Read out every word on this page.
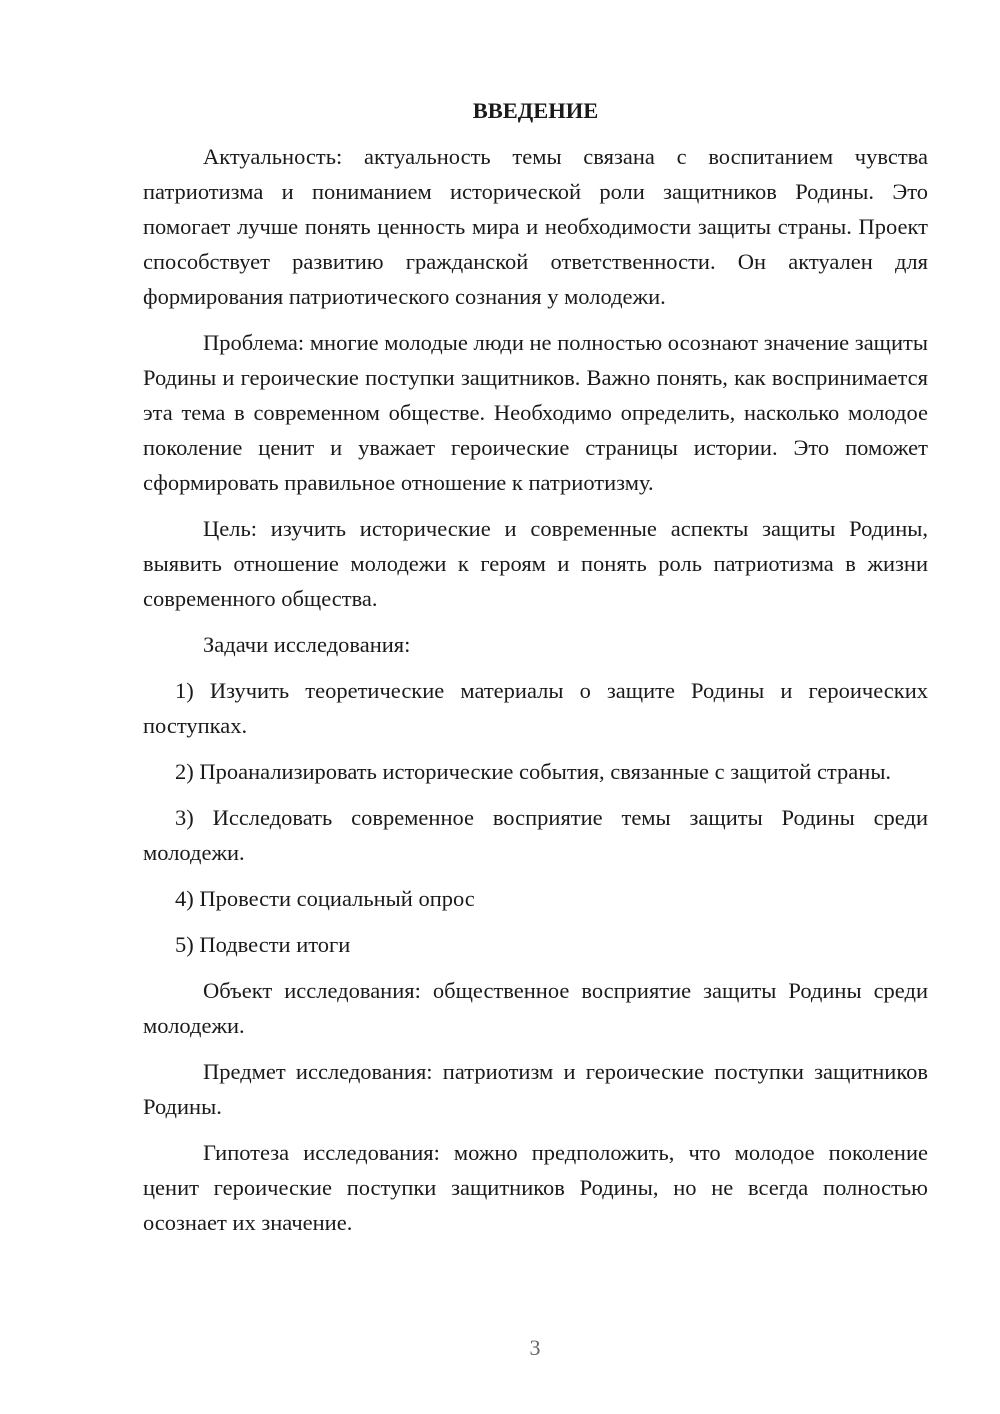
ВВЕДЕНИЕ

Актуальность: актуальность темы связана с воспитанием чувства патриотизма и пониманием исторической роли защитников Родины. Это помогает лучше понять ценность мира и необходимости защиты страны. Проект способствует развитию гражданской ответственности. Он актуален для формирования патриотического сознания у молодежи.

Проблема: многие молодые люди не полностью осознают значение защиты Родины и героические поступки защитников. Важно понять, как воспринимается эта тема в современном обществе. Необходимо определить, насколько молодое поколение ценит и уважает героические страницы истории. Это поможет сформировать правильное отношение к патриотизму.

Цель: изучить исторические и современные аспекты защиты Родины, выявить отношение молодежи к героям и понять роль патриотизма в жизни современного общества.

Задачи исследования:

1) Изучить теоретические материалы о защите Родины и героических поступках.

2) Проанализировать исторические события, связанные с защитой страны.

3) Исследовать современное восприятие темы защиты Родины среди молодежи.

4) Провести социальный опрос

5) Подвести итоги

Объект исследования: общественное восприятие защиты Родины среди молодежи.

Предмет исследования: патриотизм и героические поступки защитников Родины.

Гипотеза исследования: можно предположить, что молодое поколение ценит героические поступки защитников Родины, но не всегда полностью осознает их значение.

3
